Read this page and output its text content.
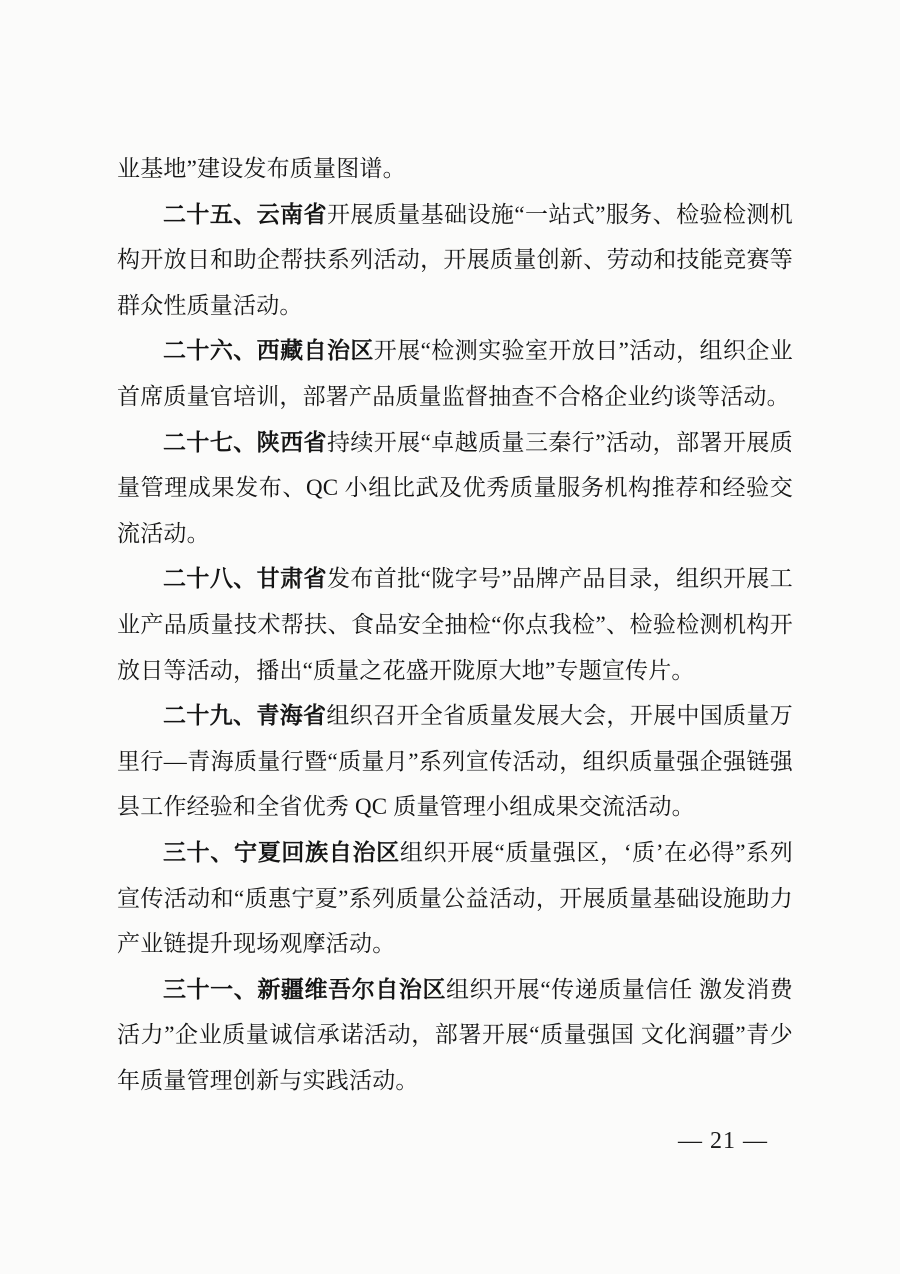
业基地”建设发布质量图谱。

二十五、云南省开展质量基础设施“一站式”服务、检验检测机构开放日和助企帮扶系列活动，开展质量创新、劳动和技能竞赛等群众性质量活动。

二十六、西藏自治区开展“检测实验室开放日”活动，组织企业首席质量官培训，部署产品质量监督抽查不合格企业约谈等活动。

二十七、陕西省持续开展“卓越质量三秦行”活动，部署开展质量管理成果发布、QC 小组比武及优秀质量服务机构推荐和经验交流活动。

二十八、甘肃省发布首批“陇字号”品牌产品目录，组织开展工业产品质量技术帮扶、食品安全抽检“你点我检”、检验检测机构开放日等活动，播出“质量之花盛开陇原大地”专题宣传片。

二十九、青海省组织召开全省质量发展大会，开展中国质量万里行—青海质量行暨“质量月”系列宣传活动，组织质量强企强链强县工作经验和全省优秀 QC 质量管理小组成果交流活动。

三十、宁夏回族自治区组织开展“质量强区，‘质’在必得”系列宣传活动和“质惠宁夏”系列质量公益活动，开展质量基础设施助力产业链提升现场观摩活动。

三十一、新疆维吾尔自治区组织开展“传递质量信任 激发消费活力”企业质量诚信承诺活动，部署开展“质量强国 文化润疆”青少年质量管理创新与实践活动。

— 21 —
